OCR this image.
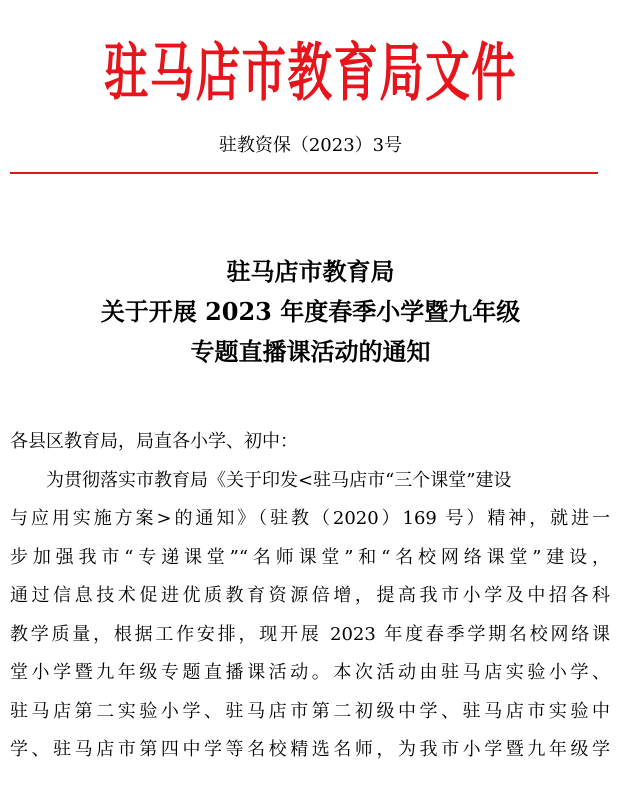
驻马店市教育局文件
驻教资保（2023）3号
驻马店市教育局
关于开展 2023 年度春季小学暨九年级
专题直播课活动的通知
各县区教育局，局直各小学、初中：
为贯彻落实市教育局《关于印发<驻马店市“三个课堂”建设
与应用实施方案>的通知》（驻教（2020）169 号）精神，就进一
步加强我市“专递课堂”“名师课堂”和“名校网络课堂”建设，
通过信息技术促进优质教育资源倍增，提高我市小学及中招各科
教学质量，根据工作安排，现开展 2023 年度春季学期名校网络课
堂小学暨九年级专题直播课活动。本次活动由驻马店实验小学、
驻马店第二实验小学、驻马店市第二初级中学、驻马店市实验中
学、驻马店市第四中学等名校精选名师，为我市小学暨九年级学
